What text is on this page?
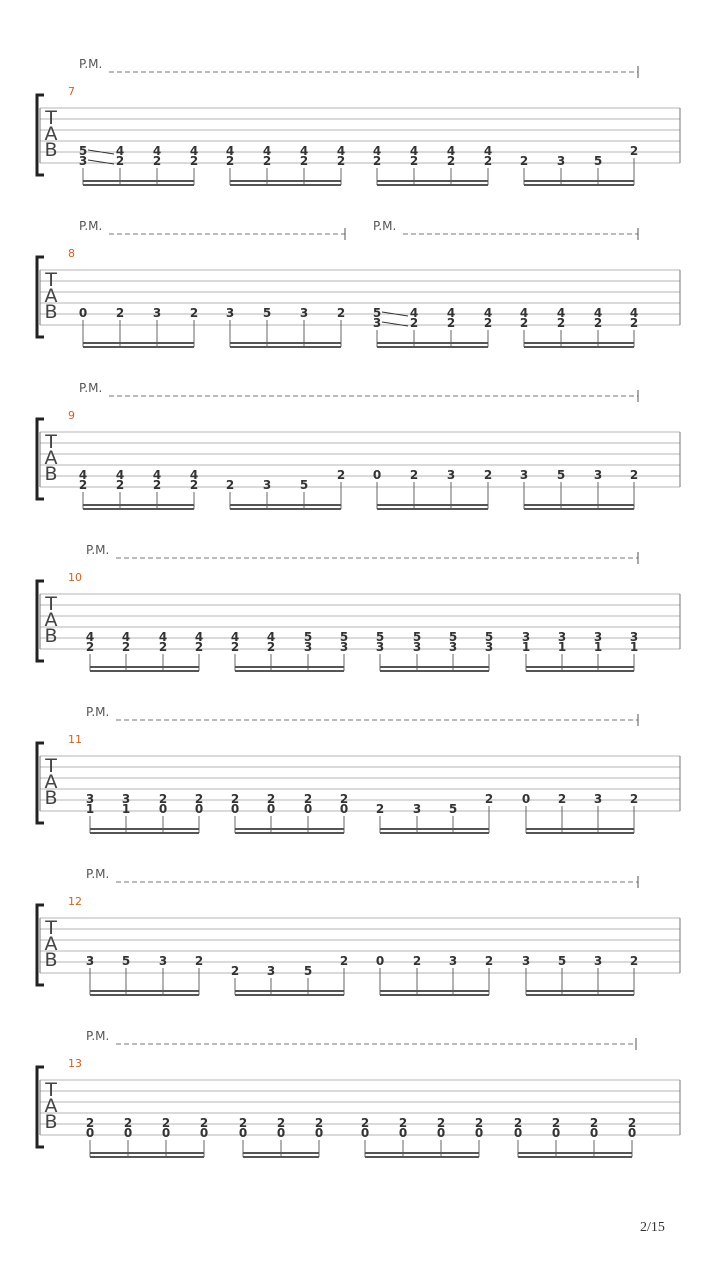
T
A
B
7
P.M.
5
3
4
2
4
2
4
2
4
2
4
2
4
2
4
2
4
2
4
2
4
2
4
2 2 3 5
2
T
A
B
8
P.M.	P.M.
0 2 3 2 3 5 3 2 5
3
4
2
4
2
4
2
4
2
4
2
4
2
4
2
T
A
B
9
P.M.
4
2
4
2
4
2
4
2 2 3 5
2 0 2 3 2 3 5 3 2
T
A
B
10
P.M.
4
2
4
2
4
2
4
2
4
2
4
2
5
3
5
3
5
3
5
3
5
3
5
3
3
1
3
1
3
1
3
1
T
A
B
11
P.M.
3
1
3
1
2
0
2
0
2
0
2
0
2
0
2
0 2 3 5
2 0 2 3 2
T
A
B
12
P.M.
3 5 3 2
2 3 5
2 0 2 3 2 3 5 3 2
T
A
B
13
P.M.
2
0
2
0
2
0
2
0
2
0
2
0
2
0
2
0
2
0
2
0
2
0
2
0
2
0
2
0
2
0
2/15
